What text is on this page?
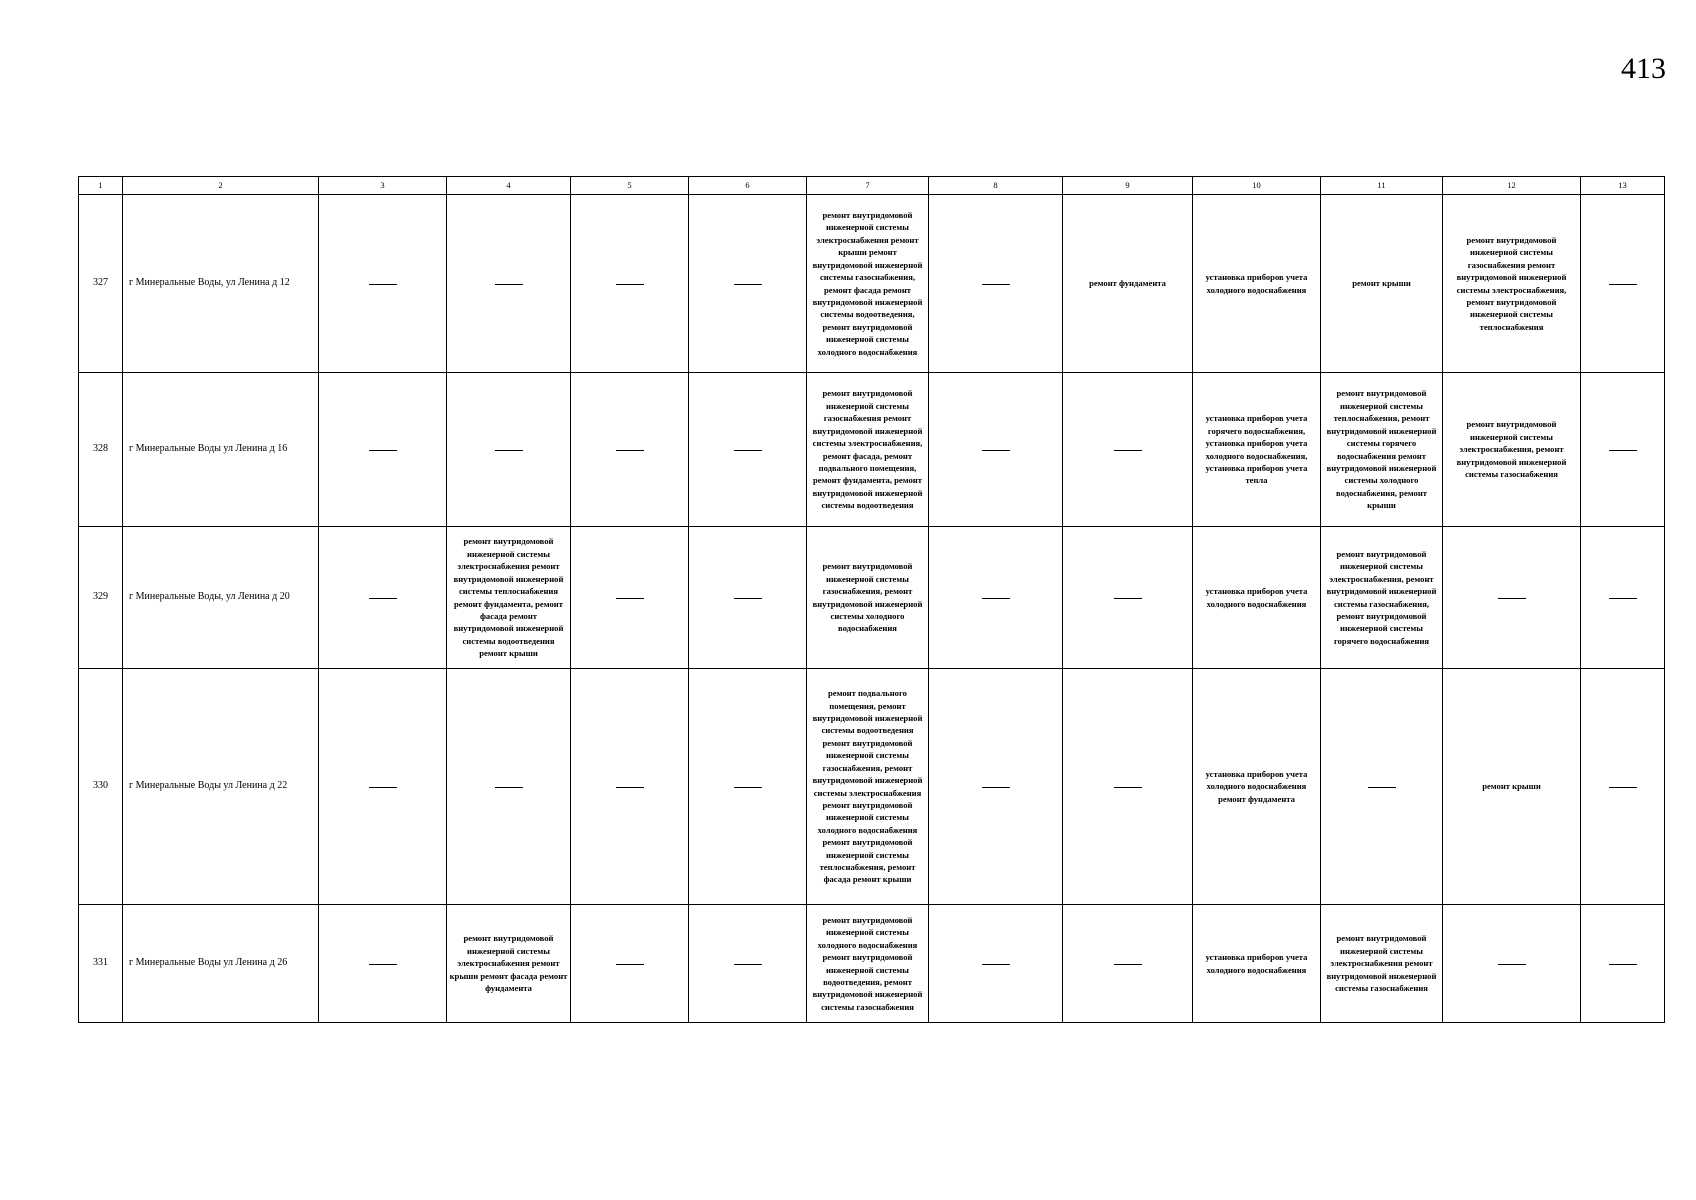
413
1	2	3	4	5	6	7	8	9	10	11	12	13
327	г Минеральные Воды, ул Ленина д 12					ремонт внутридомовой инженерной системы электроснабжения ремонт крыши ремонт внутридомовой инженерной системы газоснабжения, ремонт фасада ремонт внутридомовой инженерной системы водоотведения, ремонт внутридомовой инженерной системы холодного водоснабжения		ремонт фундамента	установка приборов учета холодного водоснабжения	ремонт крыши	ремонт внутридомовой инженерной системы газоснабжения ремонт внутридомовой инженерной системы электроснабжения, ремонт внутридомовой инженерной системы теплоснабжения	
328	г Минеральные Воды ул Ленина д 16					ремонт внутридомовой инженерной системы газоснабжения ремонт внутридомовой инженерной системы электроснабжения, ремонт фасада, ремонт подвального помещения, ремонт фундамента, ремонт внутридомовой инженерной системы водоотведения			установка приборов учета горячего водоснабжения, установка приборов учета холодного водоснабжения, установка приборов учета тепла	ремонт внутридомовой инженерной системы теплоснабжения, ремонт внутридомовой инженерной системы горячего водоснабжения ремонт внутридомовой инженерной системы холодного водоснабжения, ремонт крыши	ремонт внутридомовой инженерной системы электроснабжения, ремонт внутридомовой инженерной системы газоснабжения	
329	г Минеральные Воды, ул Ленина д 20		ремонт внутридомовой инженерной системы электроснабжения ремонт внутридомовой инженерной системы теплоснабжения ремонт фундамента, ремонт фасада ремонт внутридомовой инженерной системы водоотведения ремонт крыши			ремонт внутридомовой инженерной системы газоснабжения, ремонт внутридомовой инженерной системы холодного водоснабжения			установка приборов учета холодного водоснабжения	ремонт внутридомовой инженерной системы электроснабжения, ремонт внутридомовой инженерной системы газоснабжения, ремонт внутридомовой инженерной системы горячего водоснабжения		
330	г Минеральные Воды ул Ленина д 22					ремонт подвального помещения, ремонт внутридомовой инженерной системы водоотведения ремонт внутридомовой инженерной системы газоснабжения, ремонт внутридомовой инженерной системы электроснабжения ремонт внутридомовой инженерной системы холодного водоснабжения ремонт внутридомовой инженерной системы теплоснабжения, ремонт фасада ремонт крыши			установка приборов учета холодного водоснабжения ремонт фундамента		ремонт крыши	
331	г Минеральные Воды ул Ленина д 26		ремонт внутридомовой инженерной системы электроснабжения ремонт крыши ремонт фасада ремонт фундамента			ремонт внутридомовой инженерной системы холодного водоснабжения ремонт внутридомовой инженерной системы водоотведения, ремонт внутридомовой инженерной системы газоснабжения			установка приборов учета холодного водоснабжения	ремонт внутридомовой инженерной системы электроснабжения ремонт внутридомовой инженерной системы газоснабжения		
